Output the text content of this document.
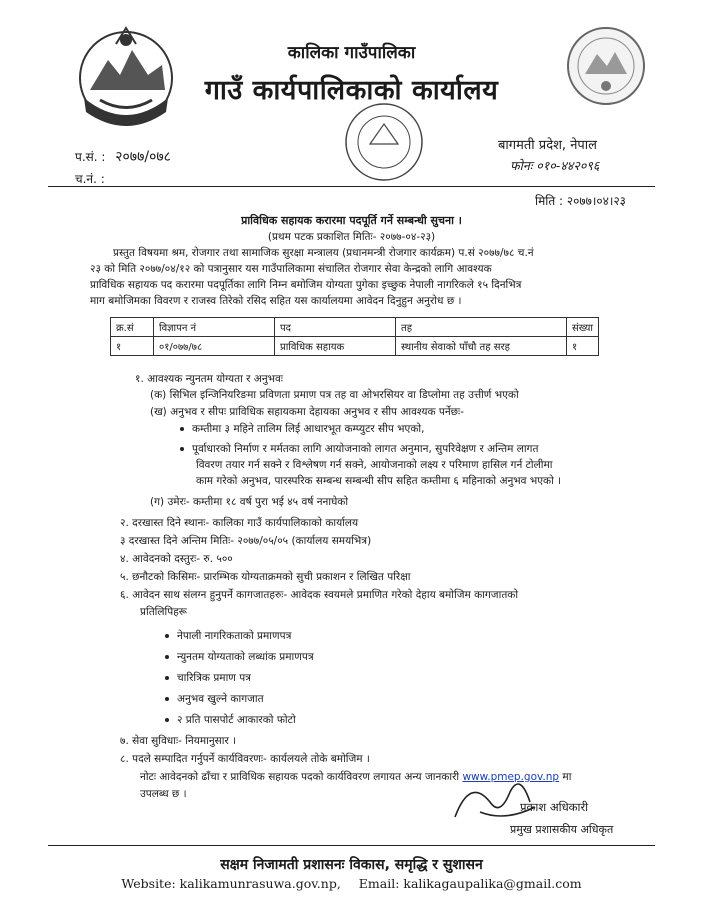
कालिका गाउँपालिका
गाउँ कार्यपालिकाको कार्यालय
प.सं. : २०७७/०७८
च.नं. :
बागमती प्रदेश, नेपाल
फोनः ०१०-४४२०९६
मिति : २०७७।०४।२३
प्राविधिक सहायक करारमा पदपूर्ति गर्ने सम्बन्धी सुचना ।
(प्रथम पटक प्रकाशित मितिः- २०७७-०४-२३)
प्रस्तुत विषयमा श्रम, रोजगार तथा सामाजिक सुरक्षा मन्त्रालय (प्रधानमन्त्री रोजगार कार्यक्रम) प.सं २०७७/७८ च.नं
२३ को मिति २०७७/०४/१२ को पत्रानुसार यस गाउँपालिकामा संचालित रोजगार सेवा केन्द्रको लागि आवश्यक
प्राविधिक सहायक पद करारमा पदपूर्तिका लागि निम्न बमोजिम योग्यता पुगेका इच्छुक नेपाली नागरिकले १५ दिनभित्र
माग बमोजिमका विवरण र राजस्व तिरेको रसिद सहित यस कार्यालयमा आवेदन दिनुहुन अनुरोध छ ।
क्र.सं	विज्ञापन नं	पद	तह	संख्या
१	०१/०७७/७८	प्राविधिक सहायक	स्थानीय सेवाको पाँचौ तह सरह	१
१. आवश्यक न्युनतम योग्यता र अनुभवः
(क) सिभिल इन्जिनियरिङमा प्रविणता प्रमाण पत्र तह वा ओभरसियर वा डिप्लोमा तह उत्तीर्ण भएको
(ख) अनुभव र सीपः प्राविधिक सहायकमा देहायका अनुभव र सीप आवश्यक पर्नेछः-
कम्तीमा ३ महिने तालिम लिई आधारभूत कम्प्युटर सीप भएको,
पूर्वाधारको निर्माण र मर्मतका लागि आयोजनाको लागत अनुमान, सुपरिवेक्षण र अन्तिम लागत
विवरण तयार गर्न सक्ने र विश्लेषण गर्न सक्ने, आयोजनाको लक्ष्य र परिमाण हासिल गर्न टोलीमा
काम गरेको अनुभव, पारस्परिक सम्बन्ध सम्बन्धी सीप सहित कम्तीमा ६ महिनाको अनुभव भएको ।
(ग) उमेरः- कम्तीमा १८ वर्ष पुरा भई ४५ वर्ष ननाघेको
२. दरखास्त दिने स्थानः- कालिका गाउँ कार्यपालिकाको कार्यालय
३ दरखास्त दिने अन्तिम मितिः- २०७७/०५/०५ (कार्यालय समयभित्र)
४. आवेदनको दस्तुरः- रु. ५००
५. छनौटको किसिमः- प्रारम्भिक योग्यताक्रमको सुची प्रकाशन र लिखित परिक्षा
६. आवेदन साथ संलग्न हुनुपर्ने कागजातहरुः- आवेदक स्वयमले प्रमाणित गरेको देहाय बमोजिम कागजातको
प्रतिलिपिहरू
नेपाली नागरिकताको प्रमाणपत्र
न्युनतम योग्यताको लब्धांक प्रमाणपत्र
चारित्रिक प्रमाण पत्र
अनुभव खुल्ने कागजात
२ प्रति पासपोर्ट आकारको फोटो
७. सेवा सुविधाः- नियमानुसार ।
८. पदले सम्पादित गर्नुपर्ने कार्यविवरणः- कार्यलयले तोके बमोजिम ।
नोटः आवेदनको ढाँचा र प्राविधिक सहायक पदको कार्यविवरण लगायत अन्य जानकारी www.pmep.gov.np मा
उपलब्ध छ ।
प्रकाश अधिकारी
प्रमुख प्रशासकीय अधिकृत
सक्षम निजामती प्रशासनः विकास, समृद्धि र सुशासन
Website: kalikamunrasuwa.gov.np, Email: kalikagaupalika@gmail.com
